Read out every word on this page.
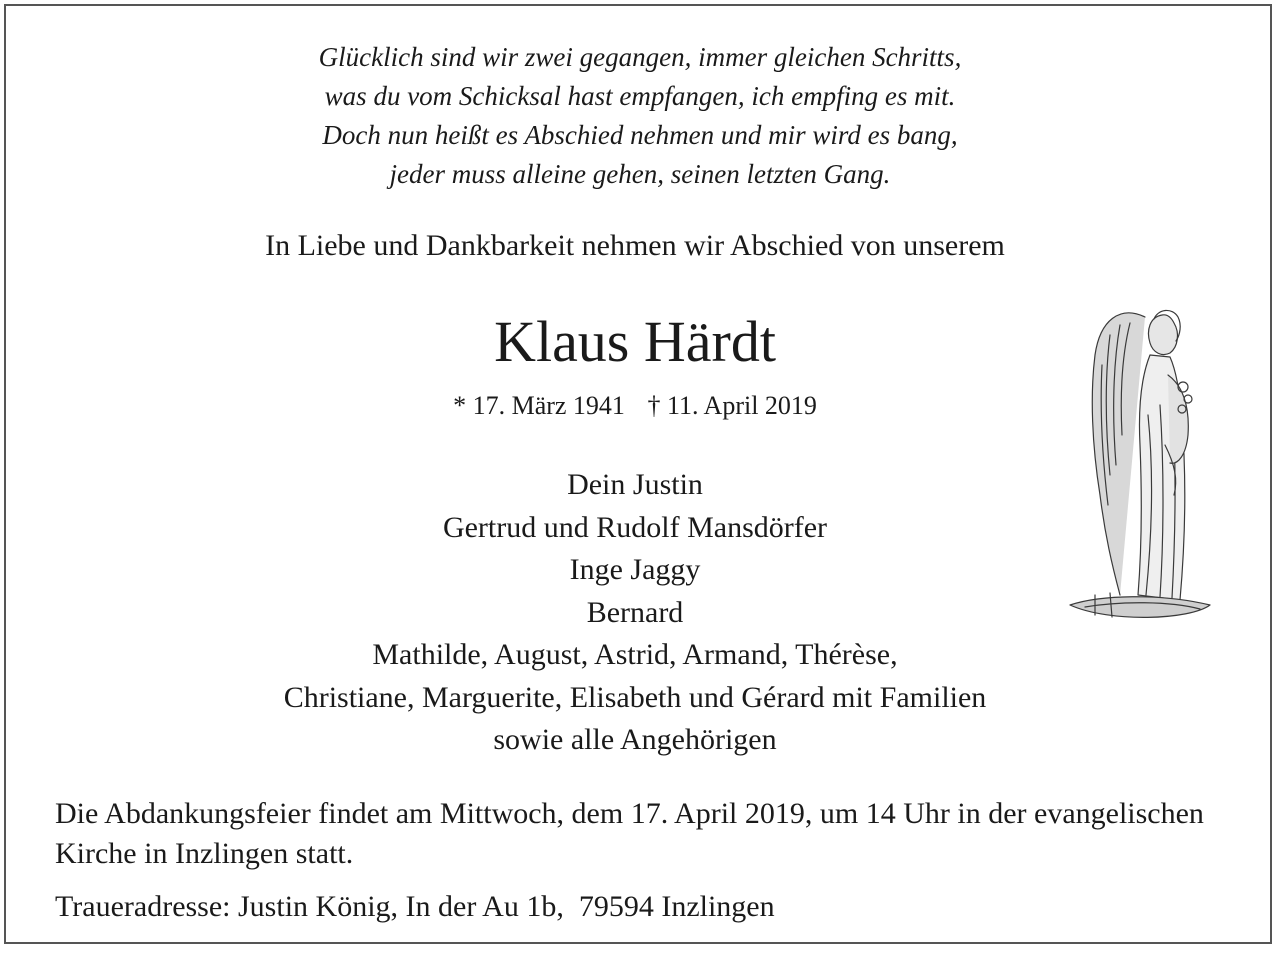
Glücklich sind wir zwei gegangen, immer gleichen Schritts,
was du vom Schicksal hast empfangen, ich empfing es mit.
Doch nun heißt es Abschied nehmen und mir wird es bang,
jeder muss alleine gehen, seinen letzten Gang.
In Liebe und Dankbarkeit nehmen wir Abschied von unserem
Klaus Härdt
* 17. März 1941 † 11. April 2019
Dein Justin
Gertrud und Rudolf Mansdörfer
Inge Jaggy
Bernard
Mathilde, August, Astrid, Armand, Thérèse,
Christiane, Marguerite, Elisabeth und Gérard mit Familien
sowie alle Angehörigen
Die Abdankungsfeier findet am Mittwoch, dem 17. April 2019, um 14 Uhr in der evangelischen Kirche in Inzlingen statt.
Traueradresse: Justin König, In der Au 1b,  79594 Inzlingen
